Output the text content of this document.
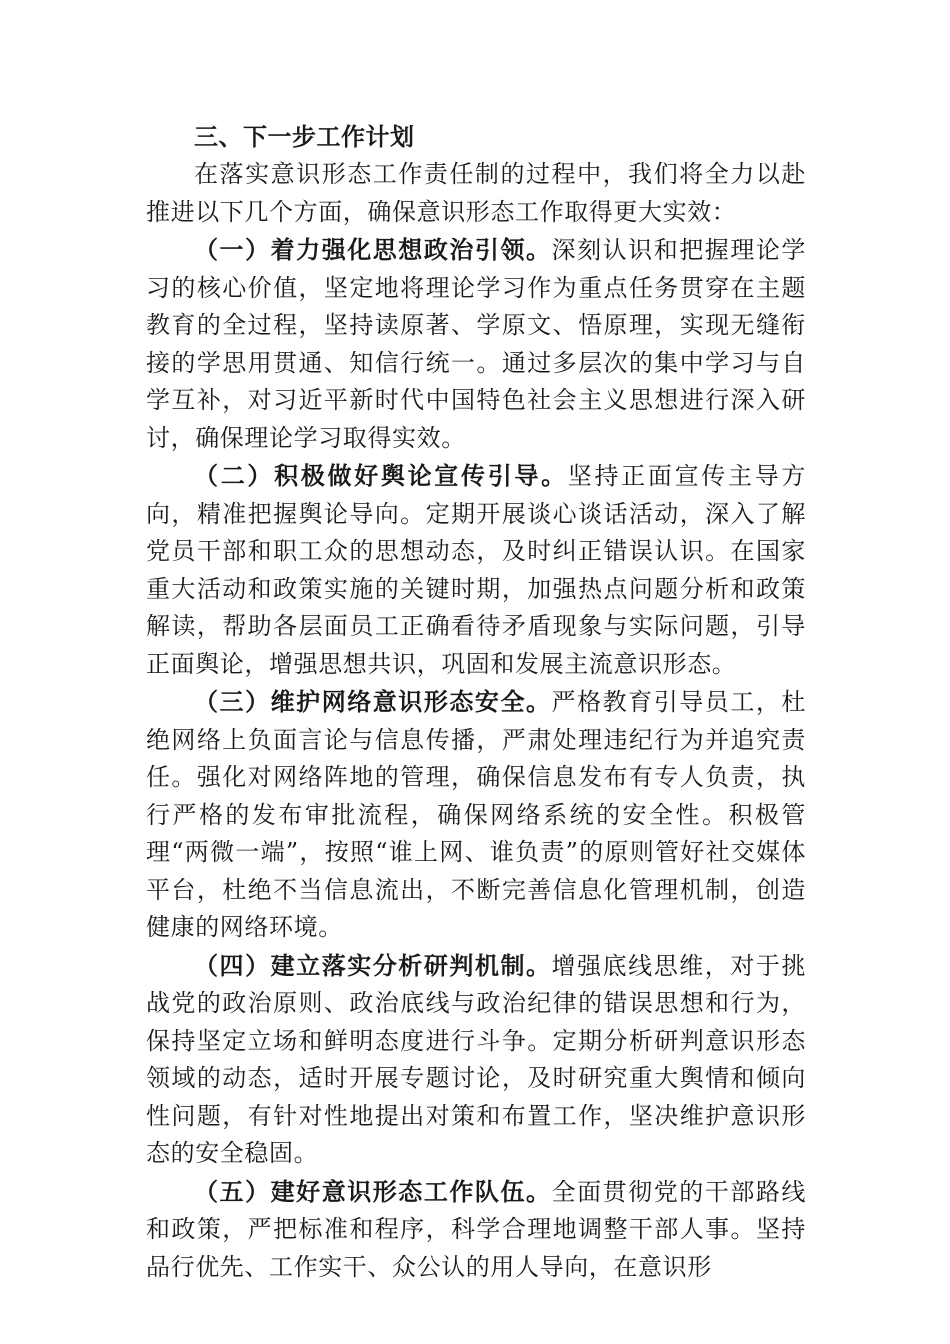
三、下一步工作计划

在落实意识形态工作责任制的过程中，我们将全力以赴推进以下几个方面，确保意识形态工作取得更大实效：

（一）着力强化思想政治引领。深刻认识和把握理论学习的核心价值，坚定地将理论学习作为重点任务贯穿在主题教育的全过程，坚持读原著、学原文、悟原理，实现无缝衔接的学思用贯通、知信行统一。通过多层次的集中学习与自学互补，对习近平新时代中国特色社会主义思想进行深入研讨，确保理论学习取得实效。

（二）积极做好舆论宣传引导。坚持正面宣传主导方向，精准把握舆论导向。定期开展谈心谈话活动，深入了解党员干部和职工众的思想动态，及时纠正错误认识。在国家重大活动和政策实施的关键时期，加强热点问题分析和政策解读，帮助各层面员工正确看待矛盾现象与实际问题，引导正面舆论，增强思想共识，巩固和发展主流意识形态。

（三）维护网络意识形态安全。严格教育引导员工，杜绝网络上负面言论与信息传播，严肃处理违纪行为并追究责任。强化对网络阵地的管理，确保信息发布有专人负责，执行严格的发布审批流程，确保网络系统的安全性。积极管理“两微一端”，按照“谁上网、谁负责”的原则管好社交媒体平台，杜绝不当信息流出，不断完善信息化管理机制，创造健康的网络环境。

（四）建立落实分析研判机制。增强底线思维，对于挑战党的政治原则、政治底线与政治纪律的错误思想和行为，保持坚定立场和鲜明态度进行斗争。定期分析研判意识形态领域的动态，适时开展专题讨论，及时研究重大舆情和倾向性问题，有针对性地提出对策和布置工作，坚决维护意识形态的安全稳固。

（五）建好意识形态工作队伍。全面贯彻党的干部路线和政策，严把标准和程序，科学合理地调整干部人事。坚持品行优先、工作实干、众公认的用人导向，在意识形
